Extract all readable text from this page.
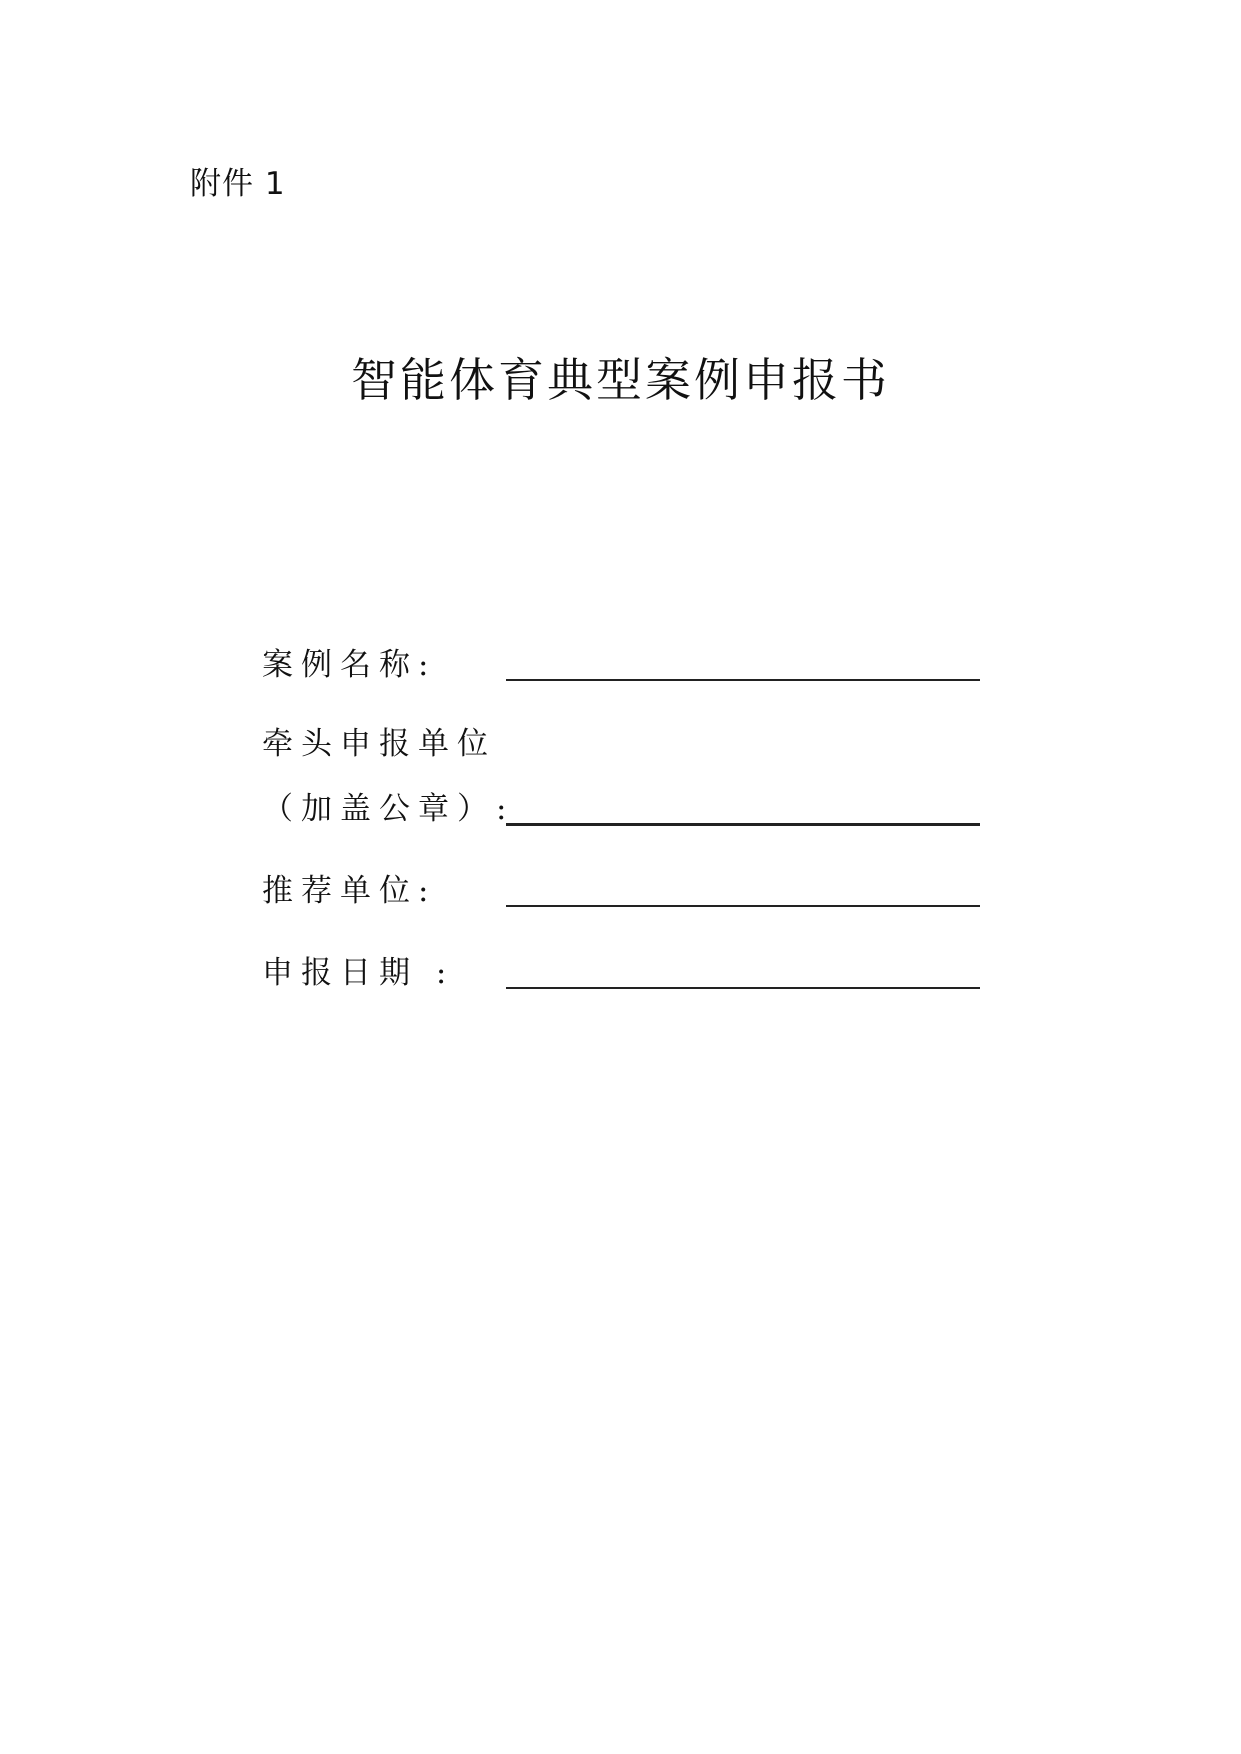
附件 1
智能体育典型案例申报书
案例名称:
牵头申报单位
（加盖公章）:
推荐单位:
申报日期 :
